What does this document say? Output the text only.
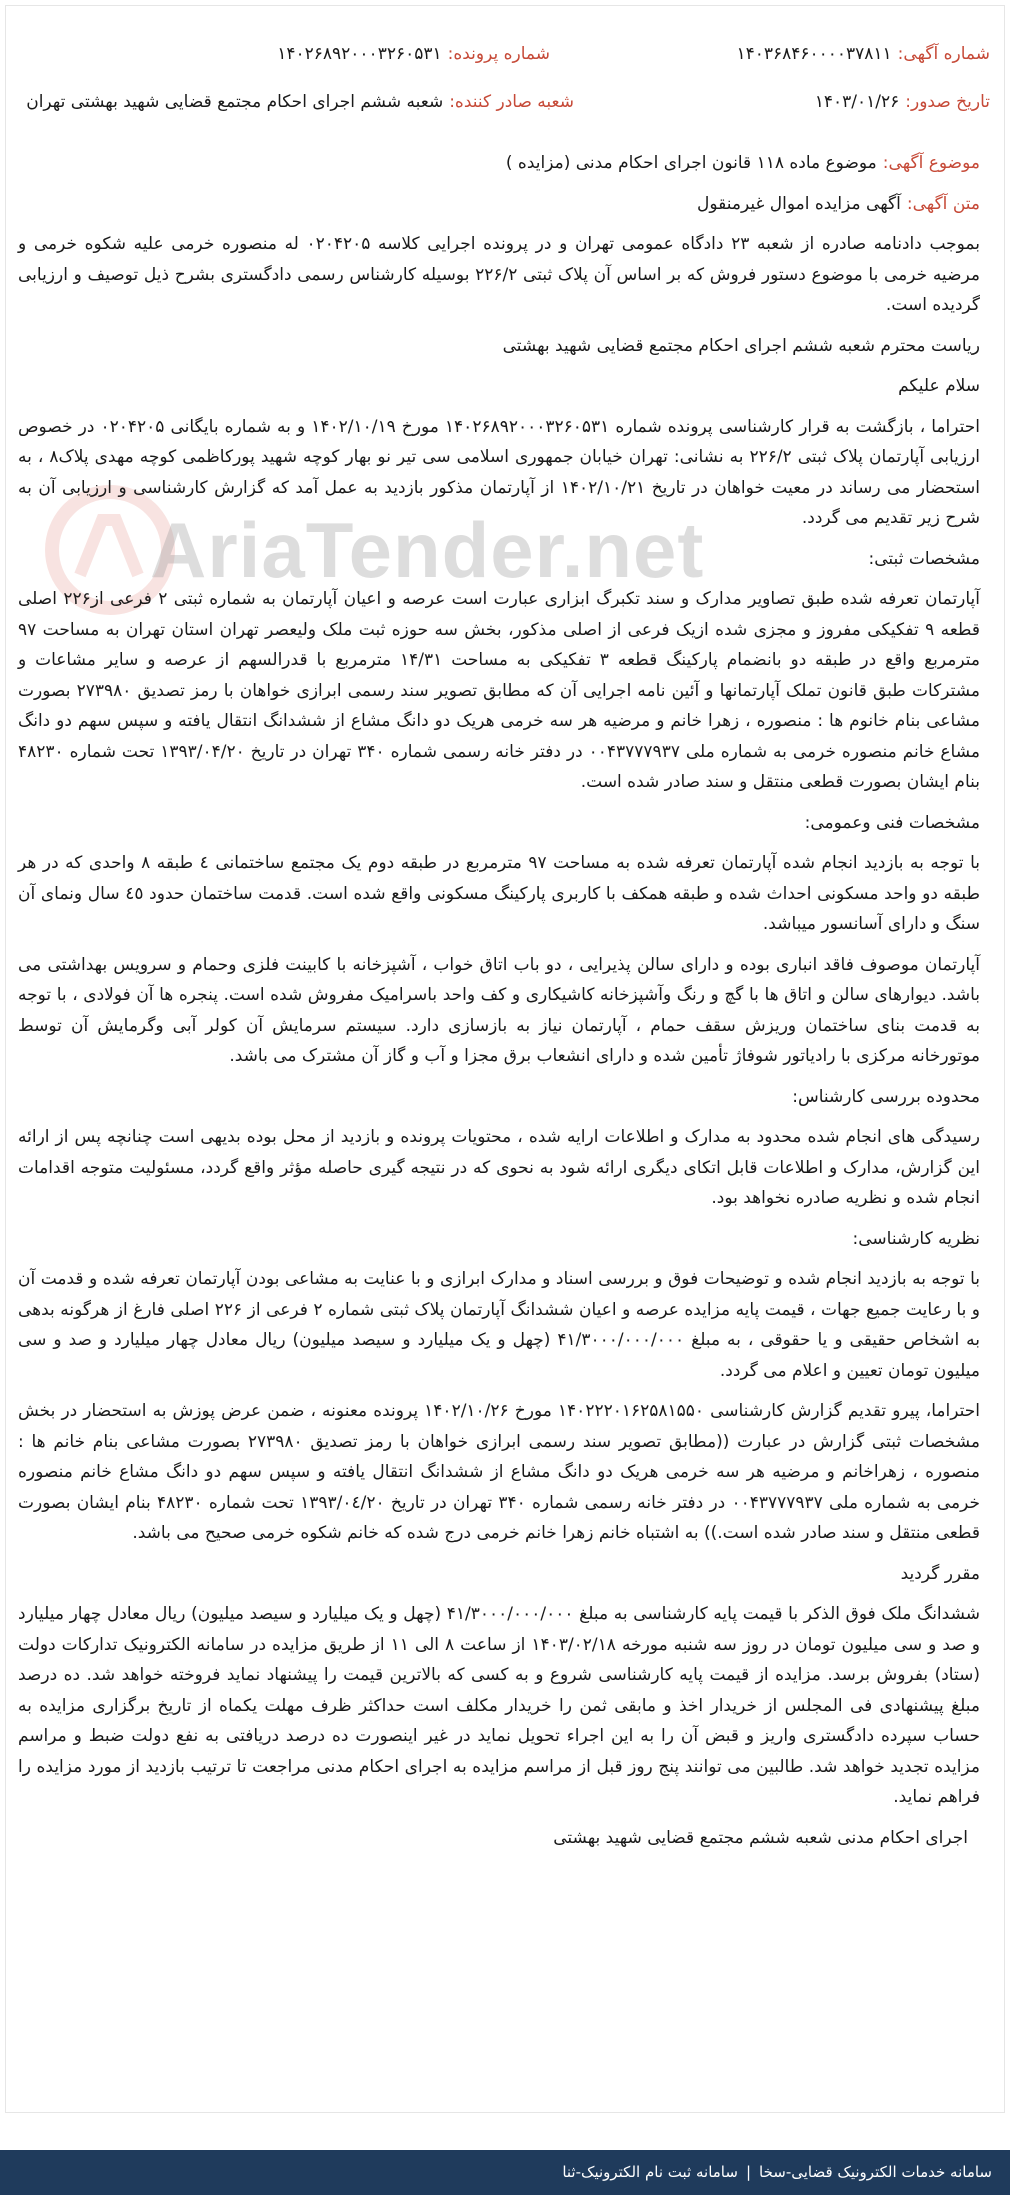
AriaTender.net
شماره آگهی:۱۴۰۳۶۸۴۶۰۰۰۰۳۷۸۱۱
شماره پرونده:۱۴۰۲۶۸۹۲۰۰۰۳۲۶۰۵۳۱
تاریخ صدور:۱۴۰۳/۰۱/۲۶
شعبه صادر کننده:شعبه ششم اجرای احکام مجتمع قضایی شهید بهشتی تهران
موضوع آگهی:موضوع ماده ۱۱۸ قانون اجرای احکام مدنی (مزایده )
متن آگهی:آگهی مزایده اموال غیرمنقول

بموجب دادنامه صادره از شعبه ۲۳ دادگاه عمومی تهران و در پرونده اجرایی کلاسه ۰۲۰۴۲۰۵ له منصوره خرمی علیه شکوه خرمی و مرضیه خرمی با موضوع دستور فروش که بر اساس آن پلاک ثبتی ۲۲۶/۲ بوسیله کارشناس رسمی دادگستری بشرح ذیل توصیف و ارزیابی گردیده است.

ریاست محترم شعبه ششم اجرای احکام مجتمع قضایی شهید بهشتی

سلام علیکم

احتراما ، بازگشت به قرار کارشناسی پرونده شماره ۱۴۰۲۶۸۹۲۰۰۰۳۲۶۰۵۳۱ مورخ ۱۴۰۲/۱۰/۱۹ و به شماره بایگانی ۰۲۰۴۲۰۵ در خصوص ارزیابی آپارتمان پلاک ثبتی ۲۲۶/۲ به نشانی: تهران خیابان جمهوری اسلامی سی تیر نو بهار کوچه شهید پورکاظمی کوچه مهدی پلاک۸ ، به استحضار می رساند در معیت خواهان در تاریخ ۱۴۰۲/۱۰/۲۱ از آپارتمان مذکور بازدید به عمل آمد که گزارش کارشناسی و ارزیابی آن به شرح زیر تقدیم می گردد.

مشخصات ثبتی:

آپارتمان تعرفه شده طبق تصاویر مدارک و سند تکبرگ ابزاری عبارت است عرصه و اعیان آپارتمان به شماره ثبتی ۲ فرعی از۲۲۶ اصلی قطعه ۹ تفکیکی مفروز و مجزی شده ازیک فرعی از اصلی مذکور، بخش سه حوزه ثبت ملک ولیعصر تهران استان تهران به مساحت ۹۷ مترمربع واقع در طبقه دو بانضمام پارکینگ قطعه ۳ تفکیکی به مساحت ۱۴/۳۱ مترمربع با قدرالسهم از عرصه و سایر مشاعات و مشترکات طبق قانون تملک آپارتمانها و آئین نامه اجرایی آن که مطابق تصویر سند رسمی ابرازی خواهان با رمز تصدیق ۲۷۳۹۸۰ بصورت مشاعی بنام خانوم ها : منصوره ، زهرا خانم و مرضیه هر سه خرمی هریک دو دانگ مشاع از ششدانگ انتقال یافته و سپس سهم دو دانگ مشاع خانم منصوره خرمی به شماره ملی ۰۰۴۳۷۷۷۹۳۷ در دفتر خانه رسمی شماره ۳۴۰ تهران در تاریخ ۱۳۹۳/۰۴/۲۰ تحت شماره ۴۸۲۳۰ بنام ایشان بصورت قطعی منتقل و سند صادر شده است.

مشخصات فنی وعمومی:

با توجه به بازدید انجام شده آپارتمان تعرفه شده به مساحت ۹۷ مترمربع در طبقه دوم یک مجتمع ساختمانی ٤ طبقه ۸ واحدی که در هر طبقه دو واحد مسکونی احداث شده و طبقه همکف با کاربری پارکینگ مسکونی واقع شده است. قدمت ساختمان حدود ٤٥ سال ونمای آن سنگ و دارای آسانسور میباشد.

آپارتمان موصوف فاقد انباری بوده و دارای سالن پذیرایی ، دو باب اتاق خواب ، آشپزخانه با کابینت فلزی وحمام و سرویس بهداشتی می باشد. دیوارهای سالن و اتاق ها با گچ و رنگ وآشپزخانه کاشیکاری و کف واحد باسرامیک مفروش شده است. پنجره ها آن فولادی ، با توجه به قدمت بنای ساختمان وریزش سقف حمام ، آپارتمان نیاز به بازسازی دارد. سیستم سرمایش آن کولر آبی وگرمایش آن توسط موتورخانه مرکزی با رادیاتور شوفاژ تأمین شده و دارای انشعاب برق مجزا و آب و گاز آن مشترک می باشد.

محدوده بررسی کارشناس:

رسیدگی های انجام شده محدود به مدارک و اطلاعات ارایه شده ، محتویات پرونده و بازدید از محل بوده بدیهی است چنانچه پس از ارائه این گزارش، مدارک و اطلاعات قابل اتکای دیگری ارائه شود به نحوی که در نتیجه گیری حاصله مؤثر واقع گردد، مسئولیت متوجه اقدامات انجام شده و نظریه صادره نخواهد بود.

نظریه کارشناسی:

با توجه به بازدید انجام شده و توضیحات فوق و بررسی اسناد و مدارک ابرازی و با عنایت به مشاعی بودن آپارتمان تعرفه شده و قدمت آن و با رعایت جمیع جهات ، قیمت پایه مزایده عرصه و اعیان ششدانگ آپارتمان پلاک ثبتی شماره ۲ فرعی از ۲۲۶ اصلی فارغ از هرگونه بدهی به اشخاص حقیقی و یا حقوقی ، به مبلغ ۴۱/۳۰۰۰/۰۰۰/۰۰۰ (چهل و یک میلیارد و سیصد میلیون) ریال معادل چهار میلیارد و صد و سی میلیون تومان تعیین و اعلام می گردد.

احتراما، پیرو تقدیم گزارش کارشناسی ۱۴۰۲۲۲۰۱۶۲۵۸۱۵۵۰ مورخ ۱۴۰۲/۱۰/۲۶ پرونده معنونه ، ضمن عرض پوزش به استحضار در بخش مشخصات ثبتی گزارش در عبارت ((مطابق تصویر سند رسمی ابرازی خواهان با رمز تصدیق ۲۷۳۹۸۰ بصورت مشاعی بنام خانم ها : منصوره ، زهراخانم و مرضیه هر سه خرمی هریک دو دانگ مشاع از ششدانگ انتقال یافته و سپس سهم دو دانگ مشاع خانم منصوره خرمی به شماره ملی ۰۰۴۳۷۷۷۹۳۷ در دفتر خانه رسمی شماره ۳۴۰ تهران در تاریخ ۱۳۹۳/۰٤/۲۰ تحت شماره ۴۸۲۳۰ بنام ایشان بصورت قطعی منتقل و سند صادر شده است.)) به اشتباه خانم زهرا خانم خرمی درج شده که خانم شکوه خرمی صحیح می باشد.

مقرر گردید

ششدانگ ملک فوق الذکر با قیمت پایه کارشناسی به مبلغ ۴۱/۳۰۰۰/۰۰۰/۰۰۰ (چهل و یک میلیارد و سیصد میلیون) ریال معادل چهار میلیارد و صد و سی میلیون تومان در روز سه شنبه مورخه ۱۴۰۳/۰۲/۱۸ از ساعت ۸ الی ۱۱ از طریق مزایده در سامانه الکترونیک تدارکات دولت (ستاد) بفروش برسد. مزایده از قیمت پایه کارشناسی شروع و به کسی که بالاترین قیمت را پیشنهاد نماید فروخته خواهد شد. ده درصد مبلغ پیشنهادی فی المجلس از خریدار اخذ و مابقی ثمن را خریدار مکلف است حداکثر ظرف مهلت یکماه از تاریخ برگزاری مزایده به حساب سپرده دادگستری واریز و قبض آن را به این اجراء تحویل نماید در غیر اینصورت ده درصد دریافتی به نفع دولت ضبط و مراسم مزایده تجدید خواهد شد. طالبین می توانند پنج روز قبل از مراسم مزایده به اجرای احکام مدنی مراجعت تا ترتیب بازدید از مورد مزایده را فراهم نماید.

اجرای احکام مدنی شعبه ششم مجتمع قضایی شهید بهشتی

سامانه خدمات الکترونیک قضایی-سخا|سامانه ثبت نام الکترونیک-ثنا
